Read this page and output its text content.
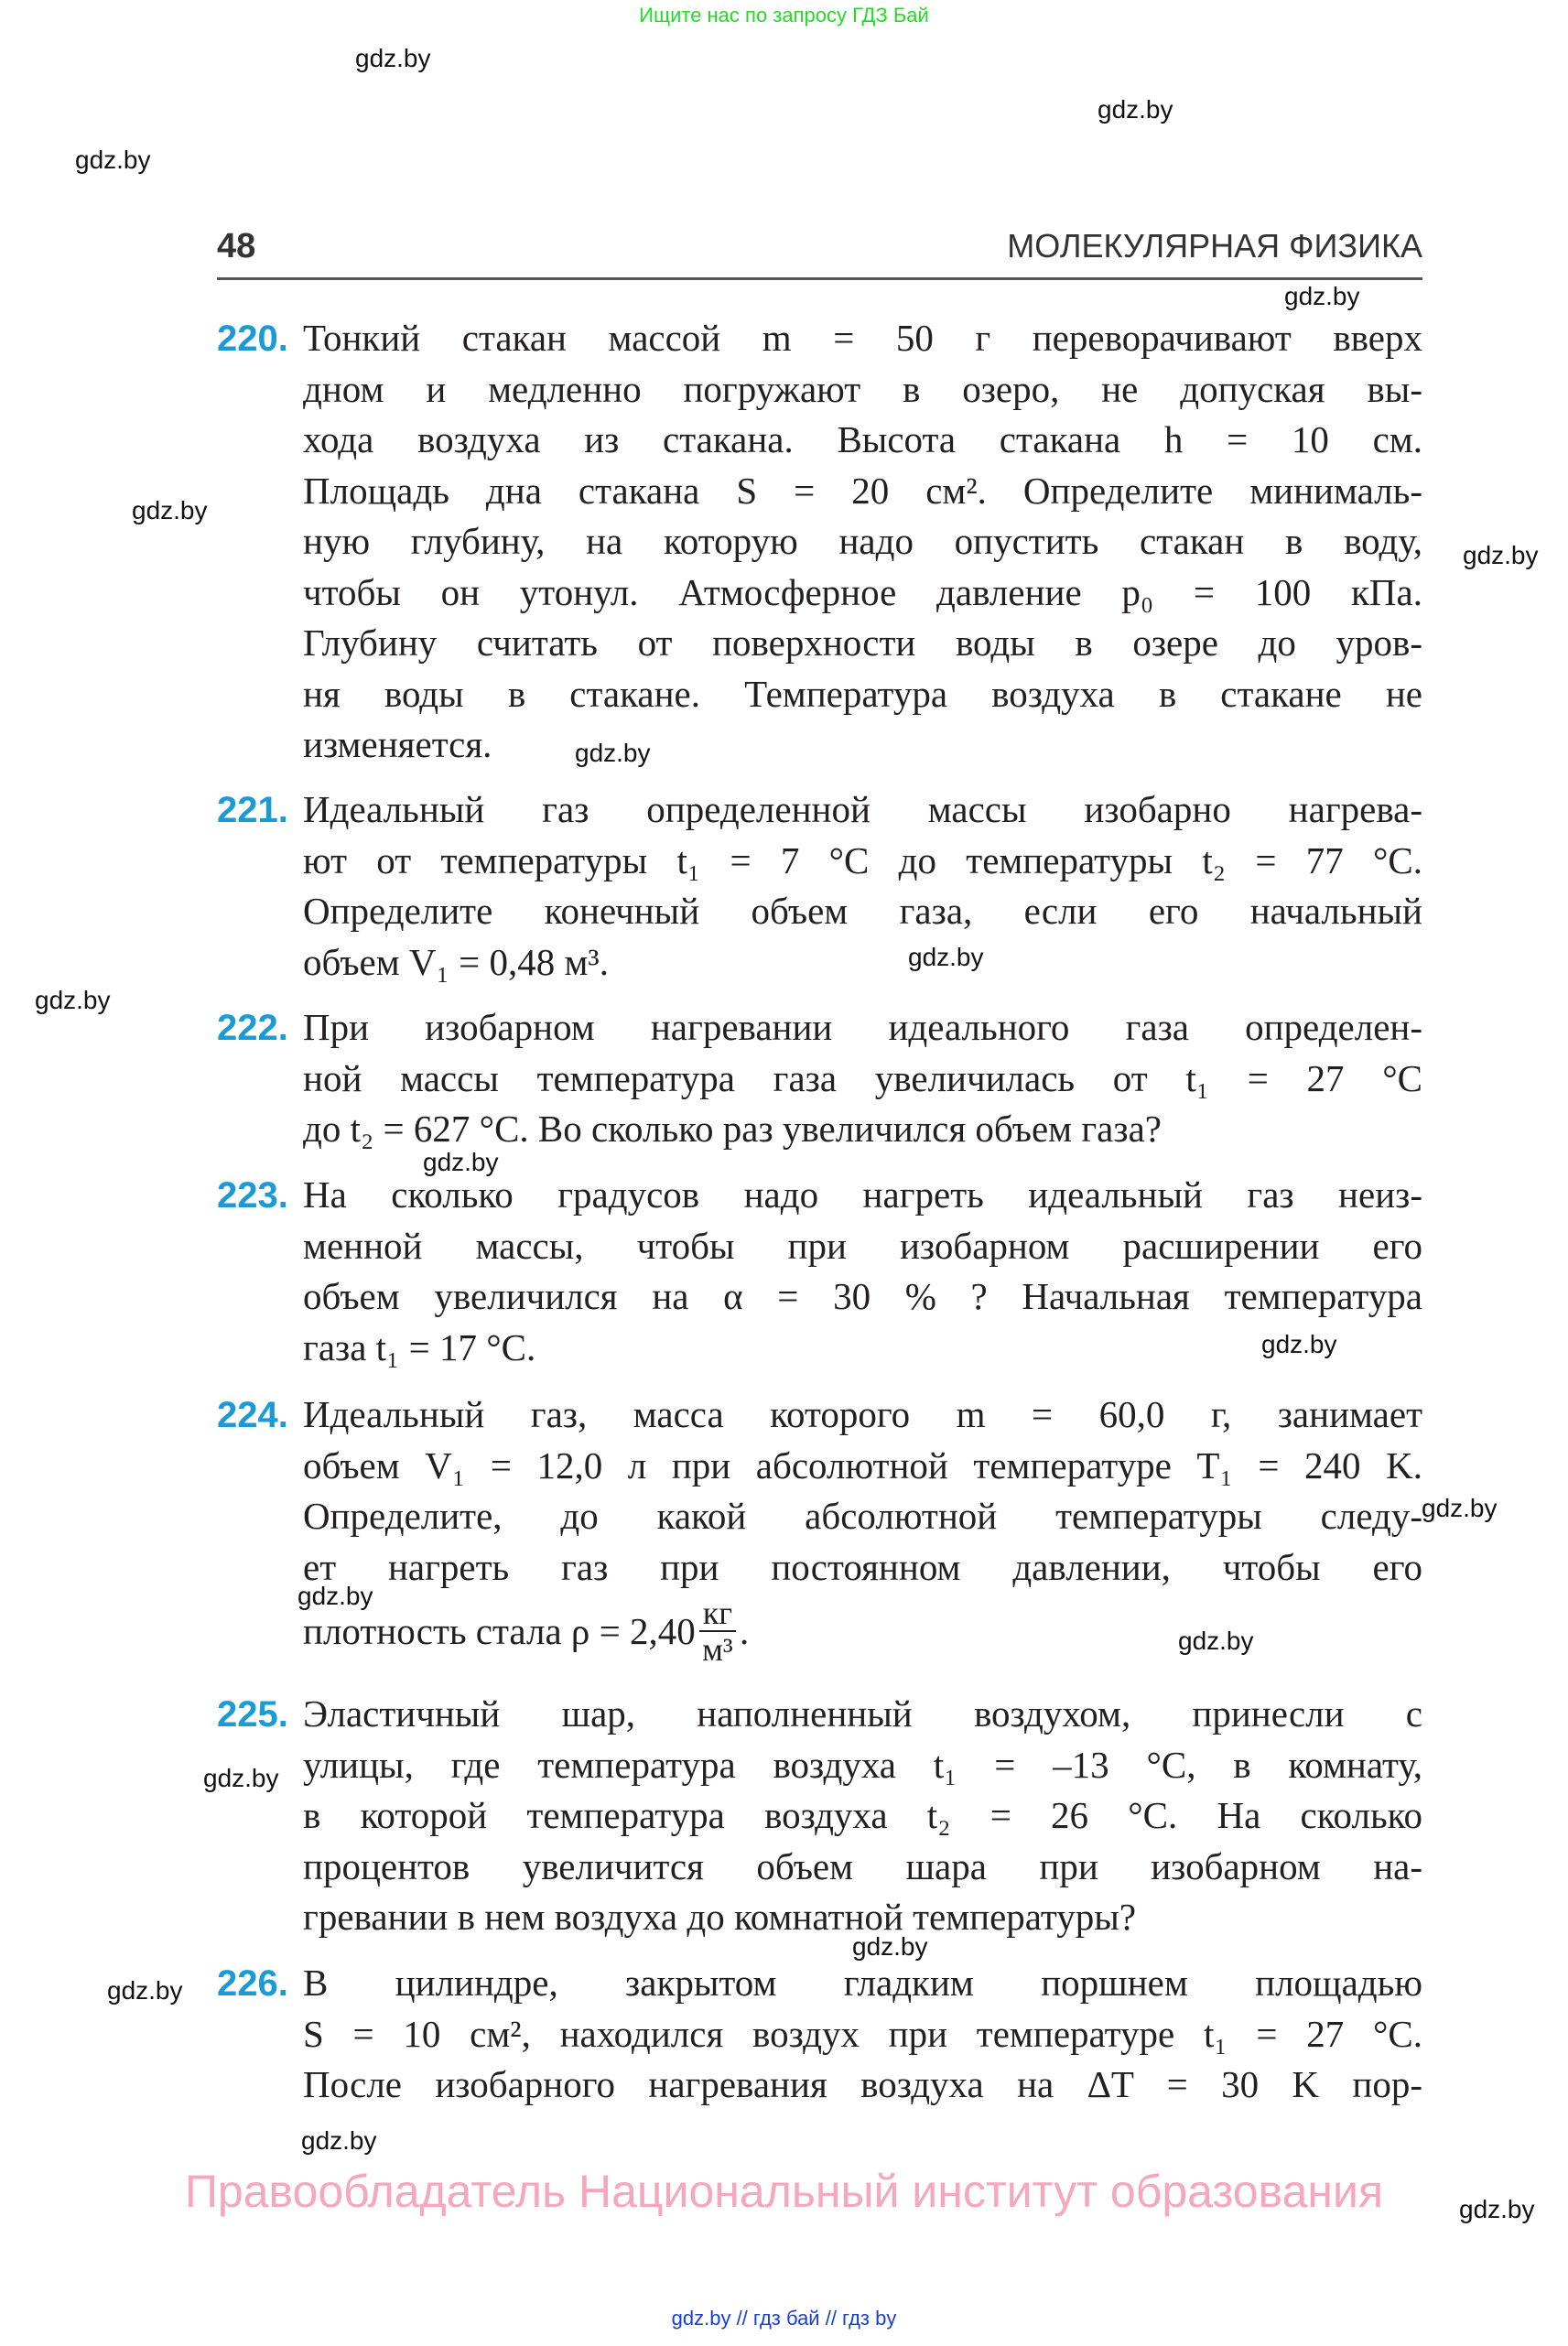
Ищите нас по запросу ГДЗ Бай
gdz.by
gdz.by
gdz.by
gdz.by
gdz.by
gdz.by
gdz.by
gdz.by
gdz.by
gdz.by
gdz.by
gdz.by
gdz.by
gdz.by
gdz.by
gdz.by
gdz.by
gdz.by
gdz.by
48	МОЛЕКУЛЯРНАЯ ФИЗИКА
220. Тонкий стакан массой m = 50 г переворачивают вверх
дном и медленно погружают в озеро, не допуская вы-
хода воздуха из стакана. Высота стакана h = 10 см.
Площадь дна стакана S = 20 см². Определите минималь-
ную глубину, на которую надо опустить стакан в воду,
чтобы он утонул. Атмосферное давление p₀ = 100 кПа.
Глубину считать от поверхности воды в озере до уров-
ня воды в стакане. Температура воздуха в стакане не
изменяется.
221. Идеальный газ определенной массы изобарно нагрева-
ют от температуры t₁ = 7 °C до температуры t₂ = 77 °C.
Определите конечный объем газа, если его начальный
объем V₁ = 0,48 м³.
222. При изобарном нагревании идеального газа определен-
ной массы температура газа увеличилась от t₁ = 27 °C
до t₂ = 627 °C. Во сколько раз увеличился объем газа?
223. На сколько градусов надо нагреть идеальный газ неиз-
менной массы, чтобы при изобарном расширении его
объем увеличился на α = 30 % ? Начальная температура
газа t₁ = 17 °C.
224. Идеальный газ, масса которого m = 60,0 г, занимает
объем V₁ = 12,0 л при абсолютной температуре T₁ = 240 K.
Определите, до какой абсолютной температуры следу-
ет нагреть газ при постоянном давлении, чтобы его
плотность стала $\rho = 2,40 \frac{кг}{\text{м³}}$ .
225. Эластичный шар, наполненный воздухом, принесли с
улицы, где температура воздуха t₁ = –13 °C, в комнату,
в которой температура воздуха t₂ = 26 °C. На сколько
процентов увеличится объем шара при изобарном на-
гревании в нем воздуха до комнатной температуры?
226. В цилиндре, закрытом гладким поршнем площадью
S = 10 см², находился воздух при температуре t₁ = 27 °C.
После изобарного нагревания воздуха на ΔT = 30 K пор-
Правообладатель Национальный институт образования
gdz.by // гдз бай // гдз by
